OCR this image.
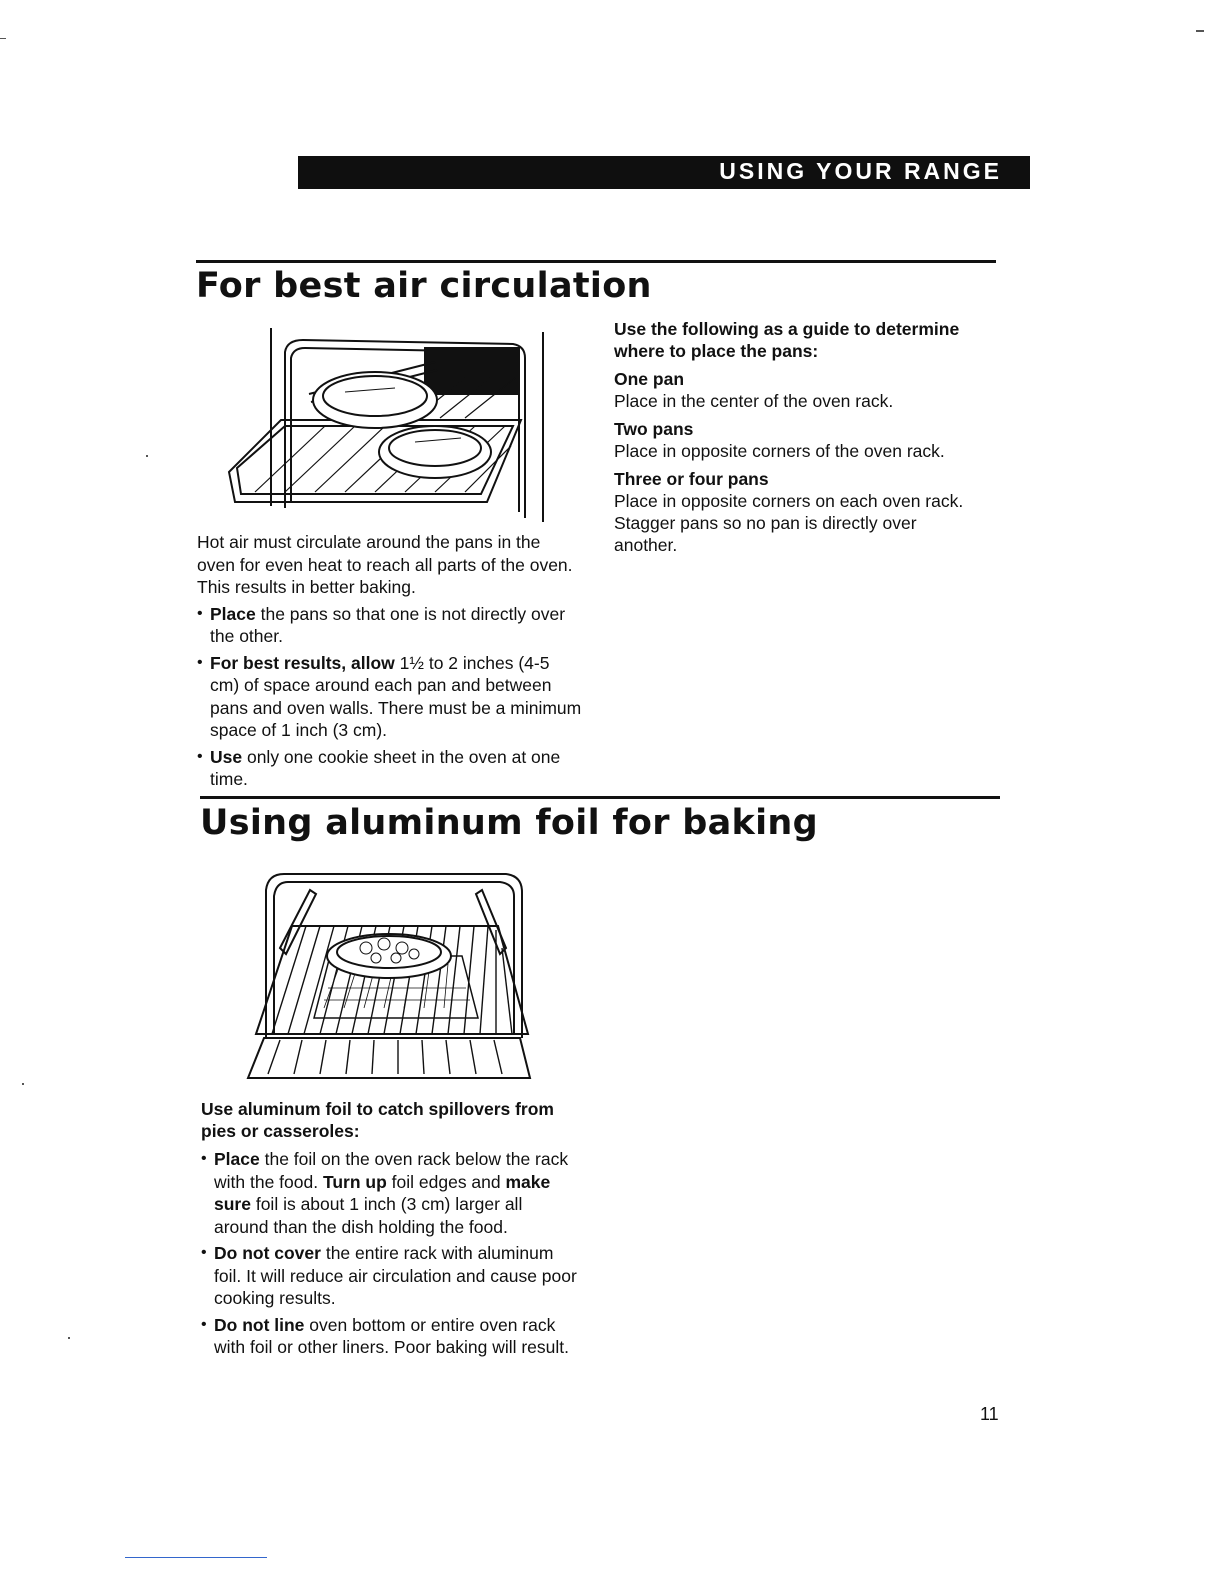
USING YOUR RANGE
For best air circulation

Hot air must circulate around the pans in the oven for even heat to reach all parts of the oven. This results in better baking.

• Place the pans so that one is not directly over the other.
• For best results, allow 1½ to 2 inches (4-5 cm) of space around each pan and between pans and oven walls. There must be a minimum space of 1 inch (3 cm).
• Use only one cookie sheet in the oven at one time.
Use the following as a guide to determine where to place the pans:
One pan
Place in the center of the oven rack.
Two pans
Place in opposite corners of the oven rack.
Three or four pans
Place in opposite corners on each oven rack. Stagger pans so no pan is directly over another.
Using aluminum foil for baking
Use aluminum foil to catch spillovers from pies or casseroles:
• Place the foil on the oven rack below the rack with the food. Turn up foil edges and make sure foil is about 1 inch (3 cm) larger all around than the dish holding the food.
• Do not cover the entire rack with aluminum foil. It will reduce air circulation and cause poor cooking results.
• Do not line oven bottom or entire oven rack with foil or other liners. Poor baking will result.
11
